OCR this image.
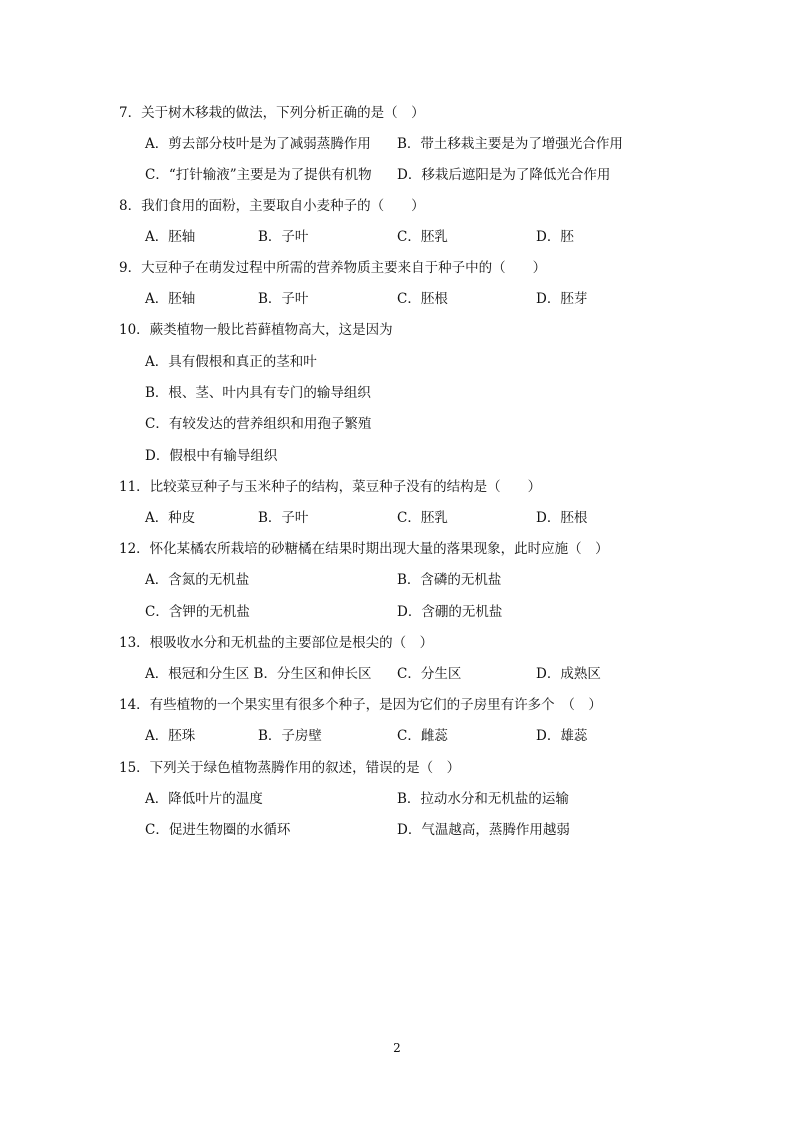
7．关于树木移栽的做法，下列分析正确的是（　）
A．剪去部分枝叶是为了减弱蒸腾作用 B．带土移栽主要是为了增强光合作用
C．“打针输液”主要是为了提供有机物 D．移栽后遮阳是为了降低光合作用
8．我们食用的面粉，主要取自小麦种子的（　　）
A．胚轴	B．子叶	C．胚乳	D．胚
9．大豆种子在萌发过程中所需的营养物质主要来自于种子中的（　　）
A．胚轴	B．子叶	C．胚根	D．胚芽
10．蕨类植物一般比苔藓植物高大，这是因为
A．具有假根和真正的茎和叶
B．根、茎、叶内具有专门的输导组织
C．有较发达的营养组织和用孢子繁殖
D．假根中有输导组织
11．比较菜豆种子与玉米种子的结构，菜豆种子没有的结构是（　　）
A．种皮	B．子叶	C．胚乳	D．胚根
12．怀化某橘农所栽培的砂糖橘在结果时期出现大量的落果现象，此时应施（　）
A．含氮的无机盐	B．含磷的无机盐
C．含钾的无机盐	D．含硼的无机盐
13．根吸收水分和无机盐的主要部位是根尖的（　）
A．根冠和分生区 B．分生区和伸长区 C．分生区	D．成熟区
14．有些植物的一个果实里有很多个种子，是因为它们的子房里有许多个　（　）
A．胚珠	B．子房壁	C．雌蕊	D．雄蕊
15．下列关于绿色植物蒸腾作用的叙述，错误的是（　）
A．降低叶片的温度	B．拉动水分和无机盐的运输
C．促进生物圈的水循环	D．气温越高，蒸腾作用越弱
2
